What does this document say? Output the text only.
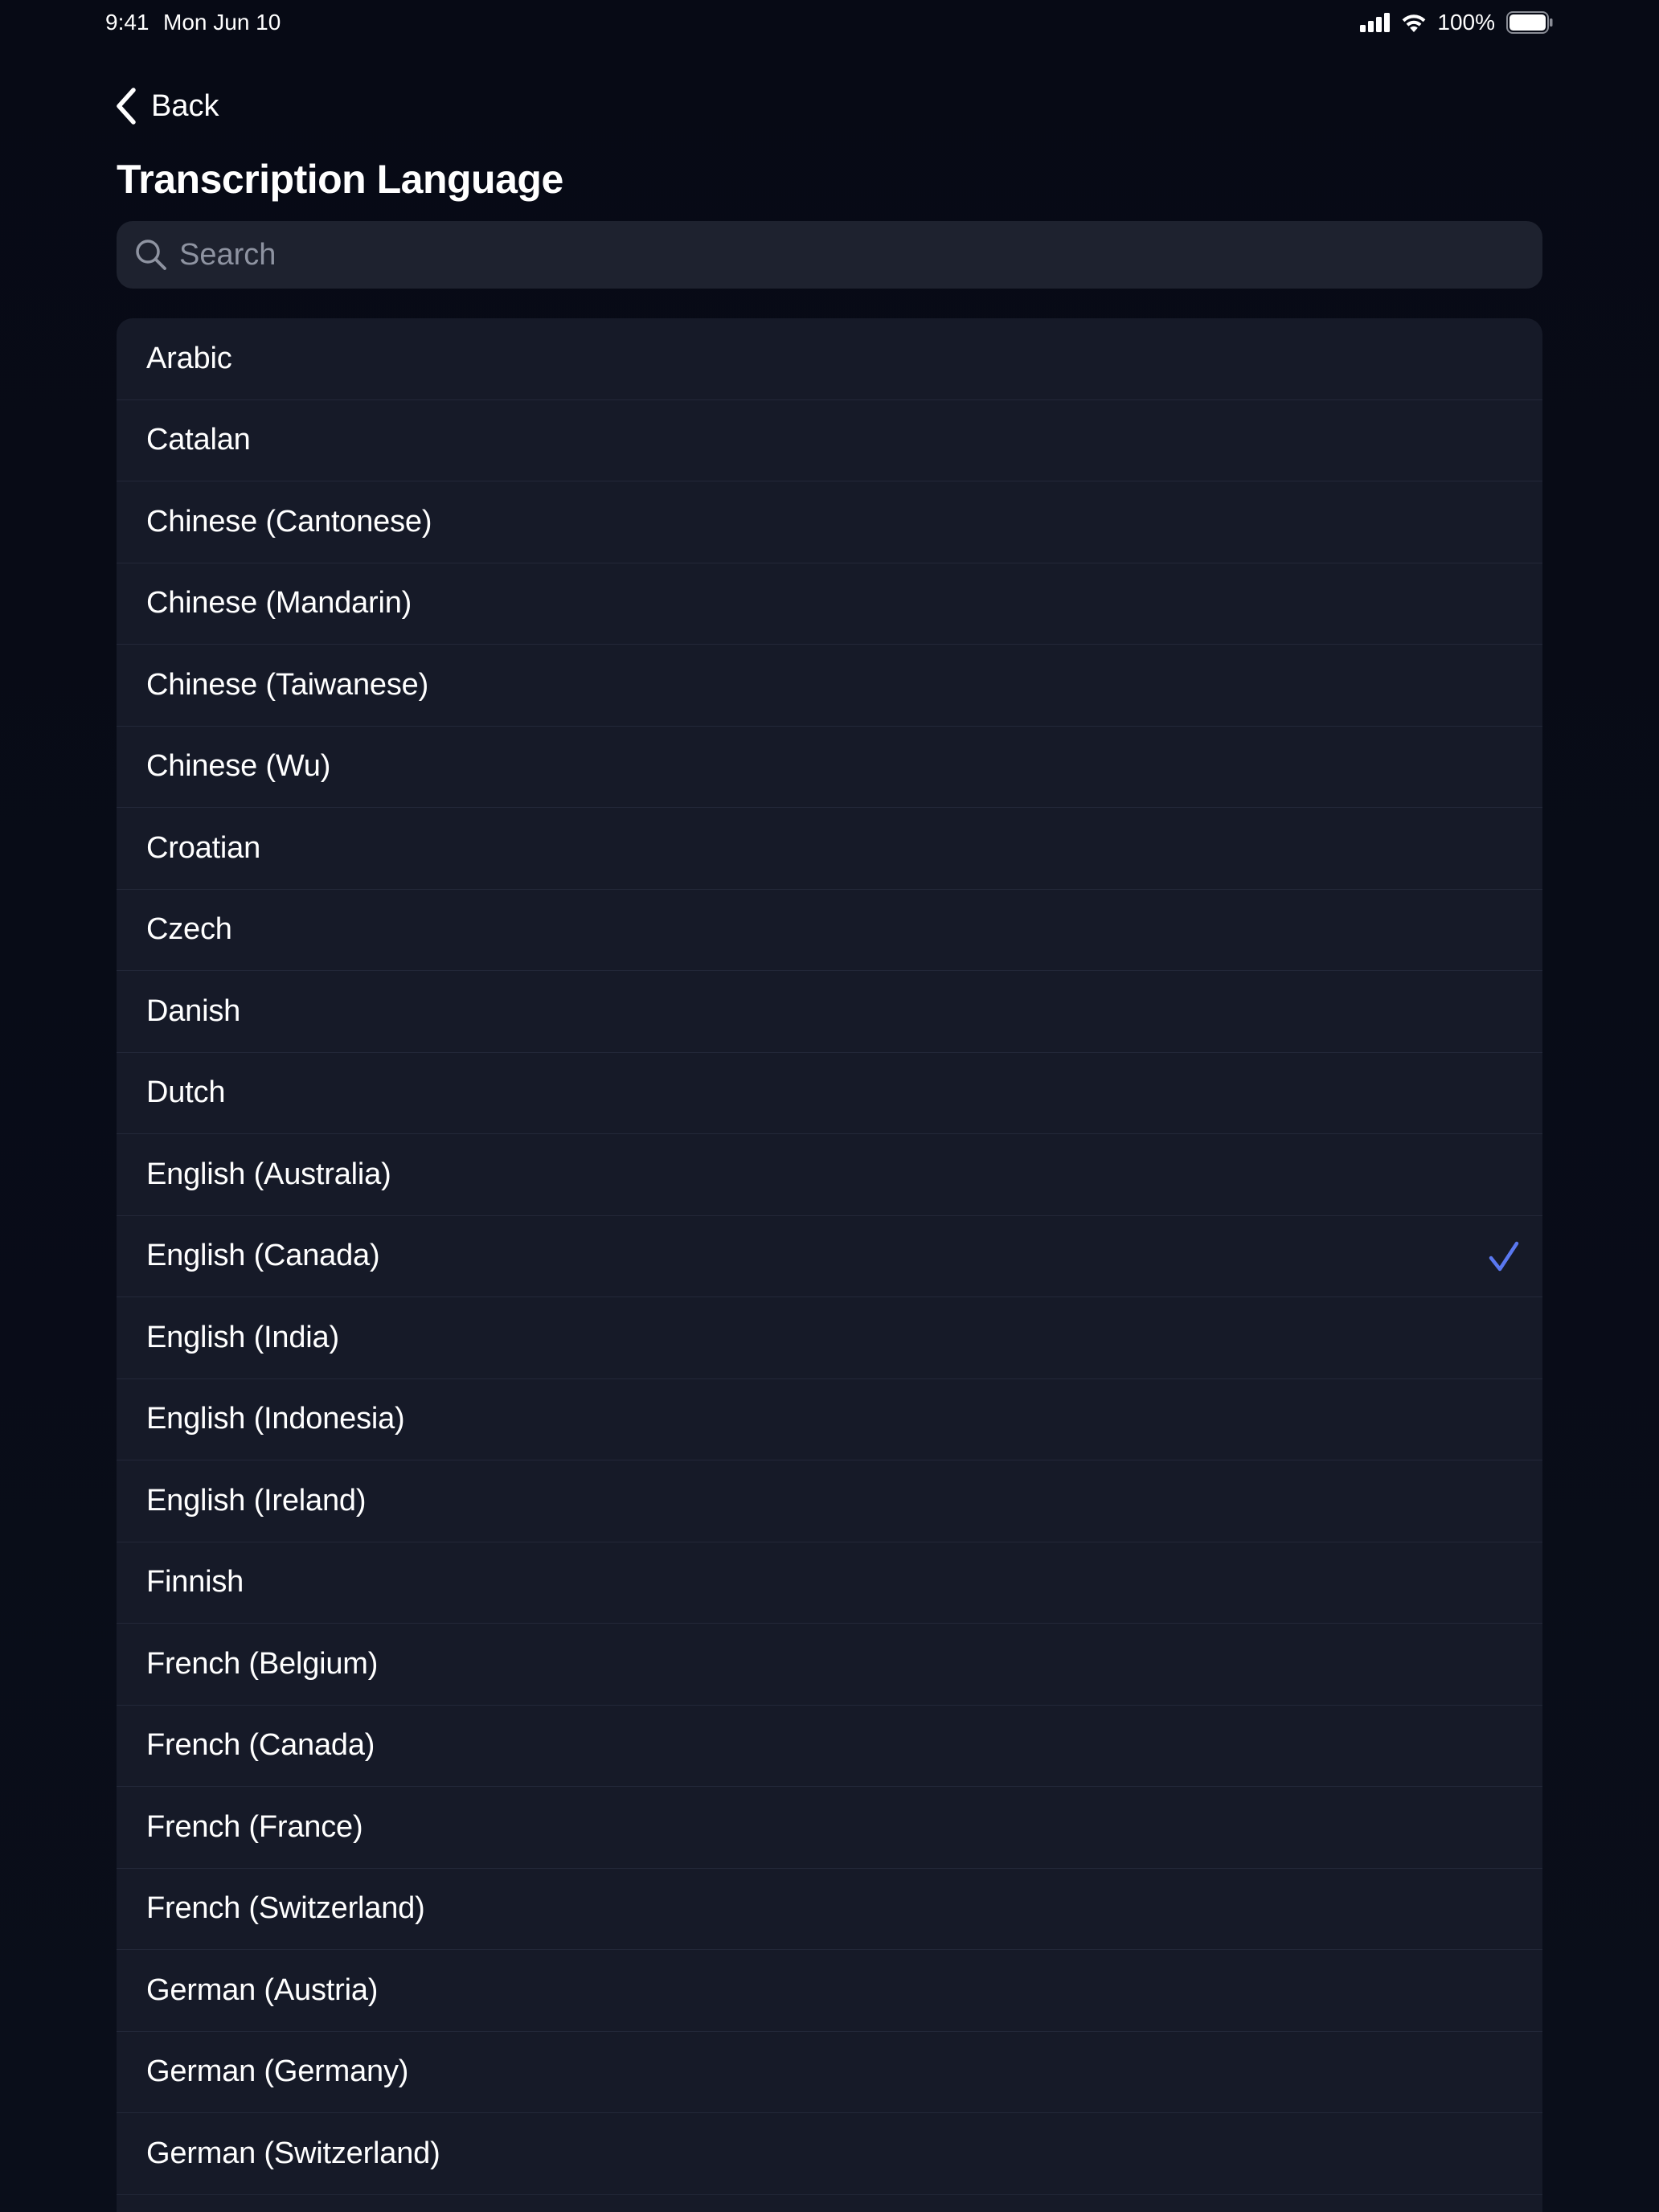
9:41 Mon Jun 10	100%
Back
Transcription Language
Search
Arabic
Catalan
Chinese (Cantonese)
Chinese (Mandarin)
Chinese (Taiwanese)
Chinese (Wu)
Croatian
Czech
Danish
Dutch
English (Australia)
English (Canada)
English (India)
English (Indonesia)
English (Ireland)
Finnish
French (Belgium)
French (Canada)
French (France)
French (Switzerland)
German (Austria)
German (Germany)
German (Switzerland)
